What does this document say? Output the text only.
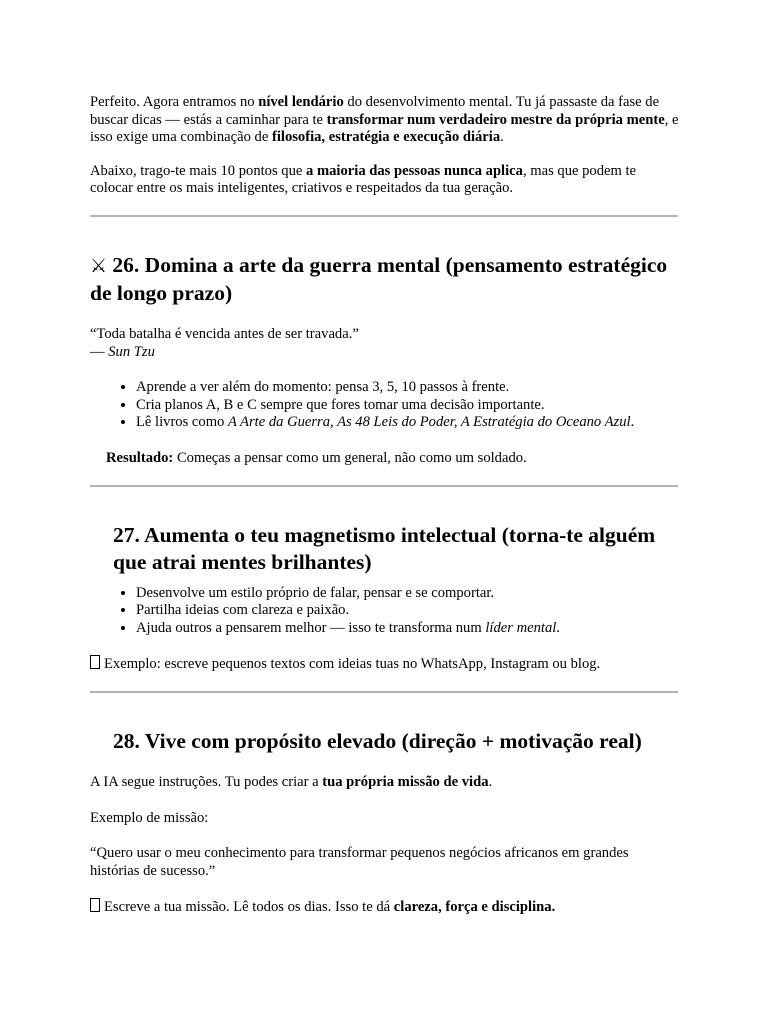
Perfeito. Agora entramos no nível lendário do desenvolvimento mental. Tu já passaste da fase de buscar dicas — estás a caminhar para te transformar num verdadeiro mestre da própria mente, e isso exige uma combinação de filosofia, estratégia e execução diária.

Abaixo, trago-te mais 10 pontos que a maioria das pessoas nunca aplica, mas que podem te colocar entre os mais inteligentes, criativos e respeitados da tua geração.

⚔ 26. Domina a arte da guerra mental (pensamento estratégico de longo prazo)
“Toda batalha é vencida antes de ser travada.”
— Sun Tzu
• Aprende a ver além do momento: pensa 3, 5, 10 passos à frente.
• Cria planos A, B e C sempre que fores tomar uma decisão importante.
• Lê livros como A Arte da Guerra, As 48 Leis do Poder, A Estratégia do Oceano Azul.

Resultado: Começas a pensar como um general, não como um soldado.

27. Aumenta o teu magnetismo intelectual (torna-te alguém que atrai mentes brilhantes)
• Desenvolve um estilo próprio de falar, pensar e se comportar.
• Partilha ideias com clareza e paixão.
• Ajuda outros a pensarem melhor — isso te transforma num líder mental.

Exemplo: escreve pequenos textos com ideias tuas no WhatsApp, Instagram ou blog.

28. Vive com propósito elevado (direção + motivação real)

A IA segue instruções. Tu podes criar a tua própria missão de vida.

Exemplo de missão:

“Quero usar o meu conhecimento para transformar pequenos negócios africanos em grandes histórias de sucesso.”

Escreve a tua missão. Lê todos os dias. Isso te dá clareza, força e disciplina.
